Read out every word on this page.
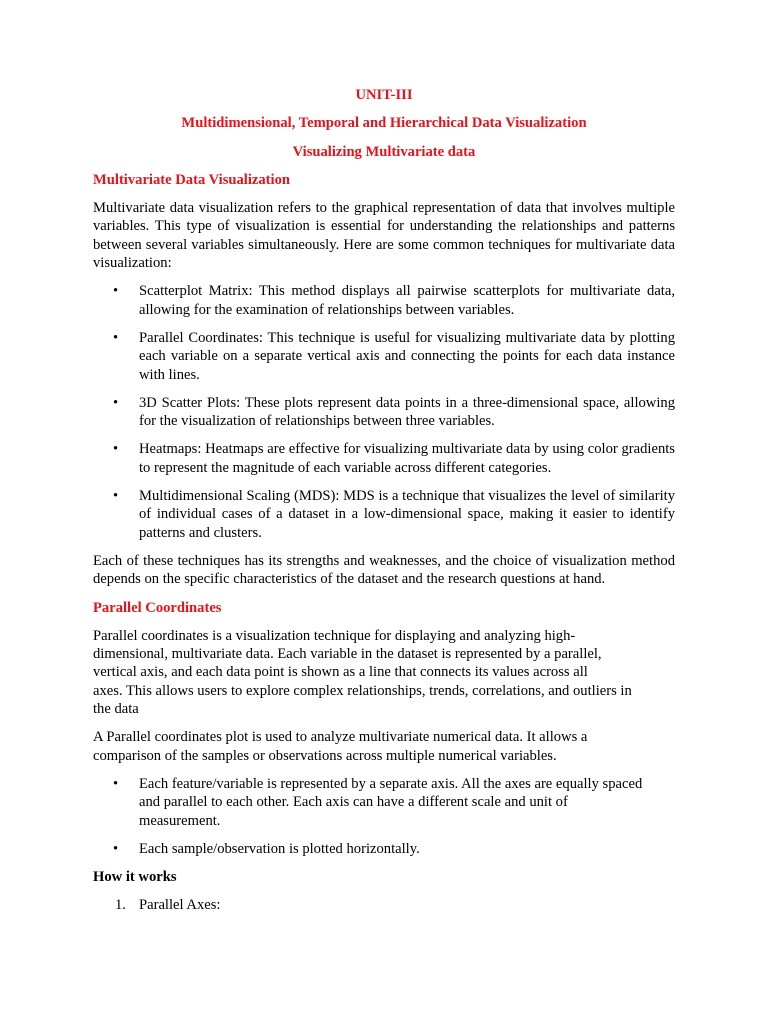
UNIT-III

Multidimensional, Temporal and Hierarchical Data Visualization

Visualizing Multivariate data

Multivariate Data Visualization

Multivariate data visualization refers to the graphical representation of data that involves multiple variables. This type of visualization is essential for understanding the relationships and patterns between several variables simultaneously. Here are some common techniques for multivariate data visualization:

• Scatterplot Matrix: This method displays all pairwise scatterplots for multivariate data, allowing for the examination of relationships between variables.
• Parallel Coordinates: This technique is useful for visualizing multivariate data by plotting each variable on a separate vertical axis and connecting the points for each data instance with lines.
• 3D Scatter Plots: These plots represent data points in a three-dimensional space, allowing for the visualization of relationships between three variables.
• Heatmaps: Heatmaps are effective for visualizing multivariate data by using color gradients to represent the magnitude of each variable across different categories.
• Multidimensional Scaling (MDS): MDS is a technique that visualizes the level of similarity of individual cases of a dataset in a low-dimensional space, making it easier to identify patterns and clusters.

Each of these techniques has its strengths and weaknesses, and the choice of visualization method depends on the specific characteristics of the dataset and the research questions at hand.

Parallel Coordinates

Parallel coordinates is a visualization technique for displaying and analyzing high-
dimensional, multivariate data. Each variable in the dataset is represented by a parallel,
vertical axis, and each data point is shown as a line that connects its values across all
axes. This allows users to explore complex relationships, trends, correlations, and outliers in
the data
A Parallel coordinates plot is used to analyze multivariate numerical data. It allows a
comparison of the samples or observations across multiple numerical variables.
• Each feature/variable is represented by a separate axis. All the axes are equally spaced
and parallel to each other. Each axis can have a different scale and unit of
measurement.
• Each sample/observation is plotted horizontally.

How it works

1. Parallel Axes:
